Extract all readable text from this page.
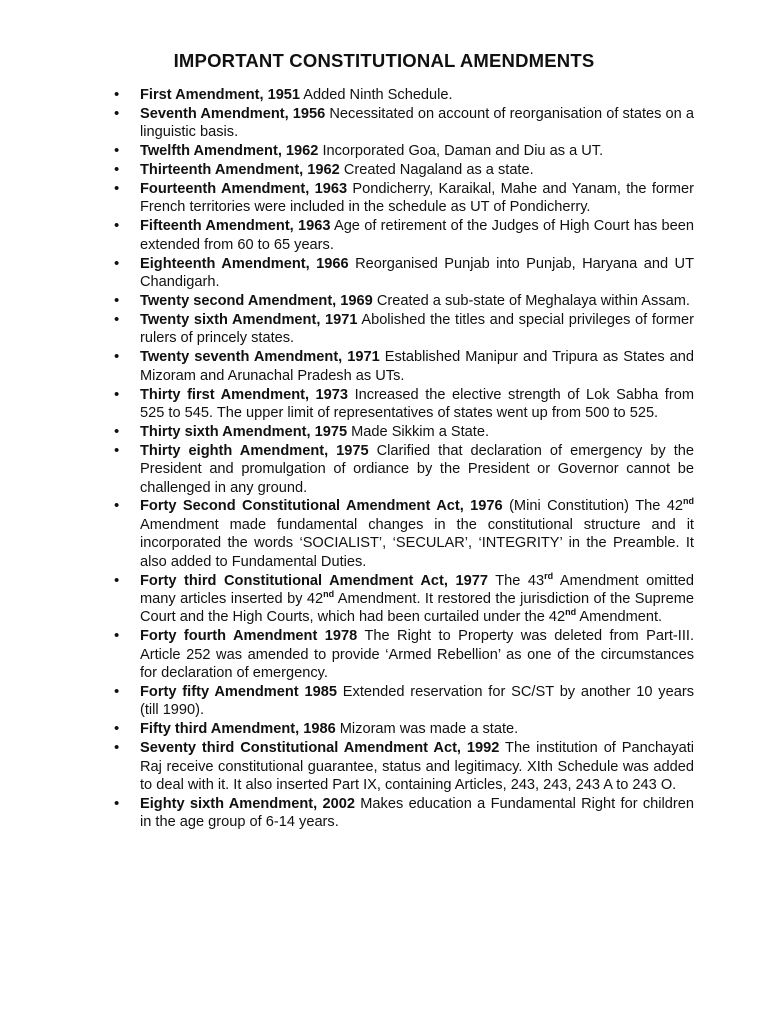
IMPORTANT CONSTITUTIONAL AMENDMENTS
• First Amendment, 1951 Added Ninth Schedule.
• Seventh Amendment, 1956 Necessitated on account of reorganisation of states on a linguistic basis.
• Twelfth Amendment, 1962 Incorporated Goa, Daman and Diu as a UT.
• Thirteenth Amendment, 1962 Created Nagaland as a state.
• Fourteenth Amendment, 1963 Pondicherry, Karaikal, Mahe and Yanam, the former French territories were included in the schedule as UT of Pondicherry.
• Fifteenth Amendment, 1963 Age of retirement of the Judges of High Court has been extended from 60 to 65 years.
• Eighteenth Amendment, 1966 Reorganised Punjab into Punjab, Haryana and UT Chandigarh.
• Twenty second Amendment, 1969 Created a sub-state of Meghalaya within Assam.
• Twenty sixth Amendment, 1971 Abolished the titles and special privileges of former rulers of princely states.
• Twenty seventh Amendment, 1971 Established Manipur and Tripura as States and Mizoram and Arunachal Pradesh as UTs.
• Thirty first Amendment, 1973 Increased the elective strength of Lok Sabha from 525 to 545. The upper limit of representatives of states went up from 500 to 525.
• Thirty sixth Amendment, 1975 Made Sikkim a State.
• Thirty eighth Amendment, 1975 Clarified that declaration of emergency by the President and promulgation of ordiance by the President or Governor cannot be challenged in any ground.
• Forty Second Constitutional Amendment Act, 1976 (Mini Constitution) The 42nd Amendment made fundamental changes in the constitutional structure and it incorporated the words ‘SOCIALIST’, ‘SECULAR’, ‘INTEGRITY’ in the Preamble. It also added to Fundamental Duties.
• Forty third Constitutional Amendment Act, 1977 The 43rd Amendment omitted many articles inserted by 42nd Amendment. It restored the jurisdiction of the Supreme Court and the High Courts, which had been curtailed under the 42nd Amendment.
• Forty fourth Amendment 1978 The Right to Property was deleted from Part-III. Article 252 was amended to provide ‘Armed Rebellion’ as one of the circumstances for declaration of emergency.
• Forty fifty Amendment 1985 Extended reservation for SC/ST by another 10 years (till 1990).
• Fifty third Amendment, 1986 Mizoram was made a state.
• Seventy third Constitutional Amendment Act, 1992 The institution of Panchayati Raj receive constitutional guarantee, status and legitimacy. XIth Schedule was added to deal with it. It also inserted Part IX, containing Articles, 243, 243, 243 A to 243 O.
• Eighty sixth Amendment, 2002 Makes education a Fundamental Right for children in the age group of 6-14 years.
